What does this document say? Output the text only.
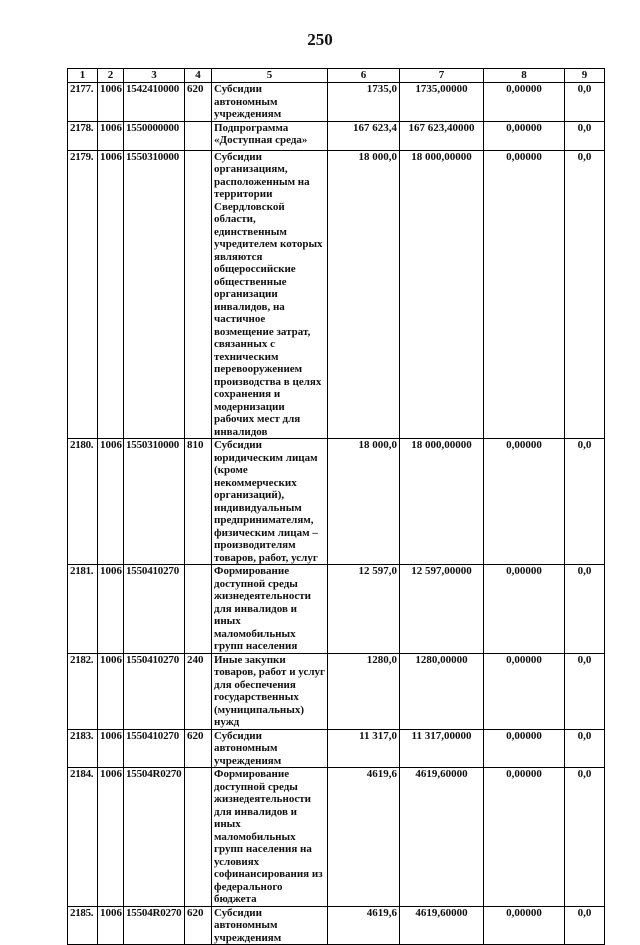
250
1	2	3	4	5	6	7	8	9
2177.	1006	1542410000	620	Субсидии автономным учреждениям	1735,0	1735,00000	0,00000	0,0
2178.	1006	1550000000		Подпрограмма «Доступная среда»	167 623,4	167 623,40000	0,00000	0,0
2179.	1006	1550310000		Субсидии организациям, расположенным на территории Свердловской области, единственным учредителем которых являются общероссийские общественные организации инвалидов, на частичное возмещение затрат, связанных с техническим перевооружением производства в целях сохранения и модернизации рабочих мест для инвалидов	18 000,0	18 000,00000	0,00000	0,0
2180.	1006	1550310000	810	Субсидии юридическим лицам (кроме некоммерческих организаций), индивидуальным предпринимателям, физическим лицам – производителям товаров, работ, услуг	18 000,0	18 000,00000	0,00000	0,0
2181.	1006	1550410270		Формирование доступной среды жизнедеятельности для инвалидов и иных маломобильных групп населения	12 597,0	12 597,00000	0,00000	0,0
2182.	1006	1550410270	240	Иные закупки товаров, работ и услуг для обеспечения государственных (муниципальных) нужд	1280,0	1280,00000	0,00000	0,0
2183.	1006	1550410270	620	Субсидии автономным учреждениям	11 317,0	11 317,00000	0,00000	0,0
2184.	1006	15504R0270		Формирование доступной среды жизнедеятельности для инвалидов и иных маломобильных групп населения на условиях софинансирования из федерального бюджета	4619,6	4619,60000	0,00000	0,0
2185.	1006	15504R0270	620	Субсидии автономным учреждениям	4619,6	4619,60000	0,00000	0,0
